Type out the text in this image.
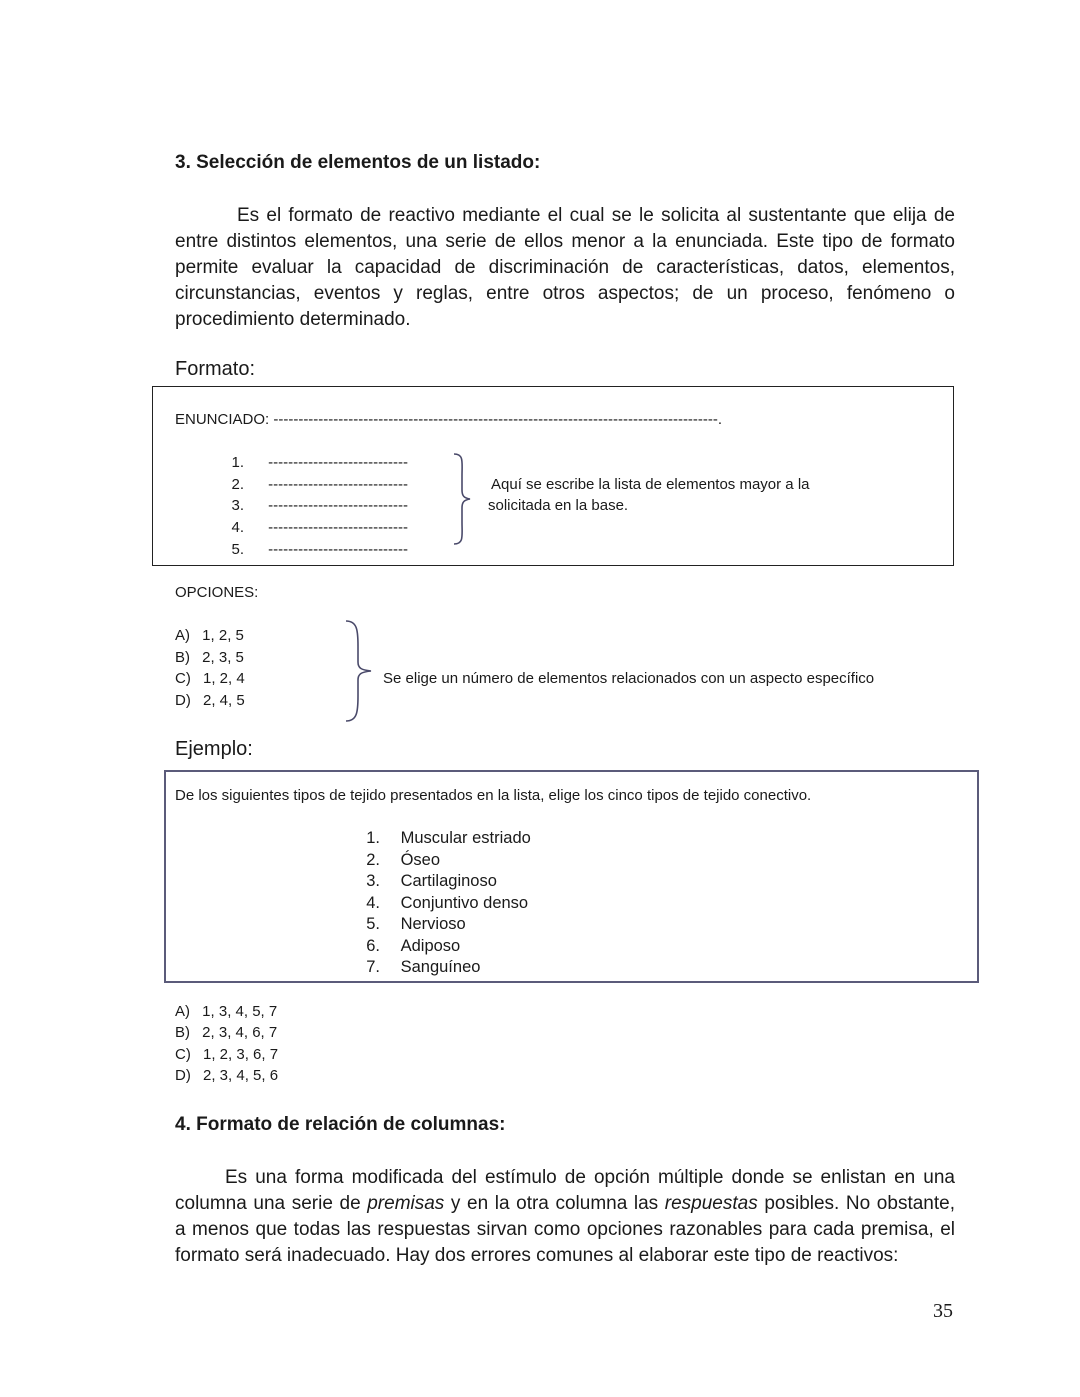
3. Selección de elementos de un listado:
Es el formato de reactivo mediante el cual se le solicita al sustentante que elija de
entre distintos elementos, una serie de ellos menor a la enunciada. Este tipo de formato
permite evaluar la capacidad de discriminación de características, datos, elementos,
circunstancias, eventos y reglas, entre otros aspectos; de un proceso, fenómeno o
procedimiento determinado.
Formato:
ENUNCIADO: -----------------------------------------------------------------------------------------.
1. ----------------------------
2. ----------------------------
3. ----------------------------
4. ----------------------------
5. ----------------------------
Aquí se escribe la lista de elementos mayor a la
solicitada en la base.
OPCIONES:
A) 1, 2, 5
B) 2, 3, 5
C) 1, 2, 4
D) 2, 4, 5
Se elige un número de elementos relacionados con un aspecto específico
Ejemplo:
De los siguientes tipos de tejido presentados en la lista, elige los cinco tipos de tejido conectivo.
1. Muscular estriado
2. Óseo
3. Cartilaginoso
4. Conjuntivo denso
5. Nervioso
6. Adiposo
7. Sanguíneo
A) 1, 3, 4, 5, 7
B) 2, 3, 4, 6, 7
C) 1, 2, 3, 6, 7
D) 2, 3, 4, 5, 6
4. Formato de relación de columnas:
Es una forma modificada del estímulo de opción múltiple donde se enlistan en una
columna una serie de premisas y en la otra columna las respuestas posibles. No obstante,
a menos que todas las respuestas sirvan como opciones razonables para cada premisa, el
formato será inadecuado. Hay dos errores comunes al elaborar este tipo de reactivos:
35
